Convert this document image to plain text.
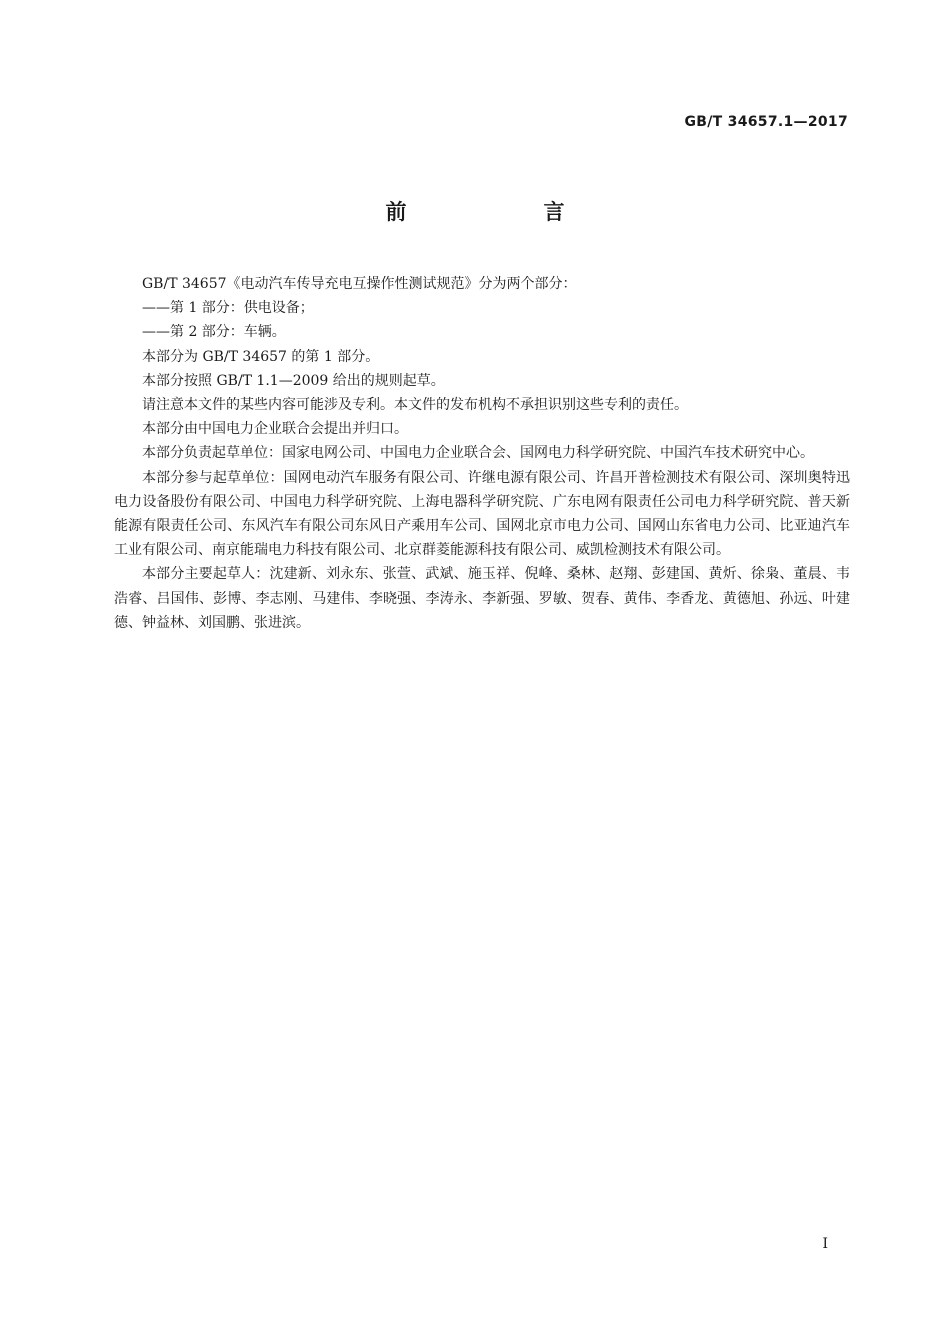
GB/T 34657.1—2017
前　言

GB/T 34657《电动汽车传导充电互操作性测试规范》分为两个部分：

——第 1 部分：供电设备；

——第 2 部分：车辆。

本部分为 GB/T 34657 的第 1 部分。

本部分按照 GB/T 1.1—2009 给出的规则起草。

请注意本文件的某些内容可能涉及专利。本文件的发布机构不承担识别这些专利的责任。

本部分由中国电力企业联合会提出并归口。

本部分负责起草单位：国家电网公司、中国电力企业联合会、国网电力科学研究院、中国汽车技术研究中心。

本部分参与起草单位：国网电动汽车服务有限公司、许继电源有限公司、许昌开普检测技术有限公司、深圳奥特迅电力设备股份有限公司、中国电力科学研究院、上海电器科学研究院、广东电网有限责任公司电力科学研究院、普天新能源有限责任公司、东风汽车有限公司东风日产乘用车公司、国网北京市电力公司、国网山东省电力公司、比亚迪汽车工业有限公司、南京能瑞电力科技有限公司、北京群菱能源科技有限公司、威凯检测技术有限公司。

本部分主要起草人：沈建新、刘永东、张萱、武斌、施玉祥、倪峰、桑林、赵翔、彭建国、黄炘、徐枭、董晨、韦浩睿、吕国伟、彭博、李志刚、马建伟、李晓强、李涛永、李新强、罗敏、贺春、黄伟、李香龙、黄德旭、孙远、叶建德、钟益林、刘国鹏、张进滨。

I
